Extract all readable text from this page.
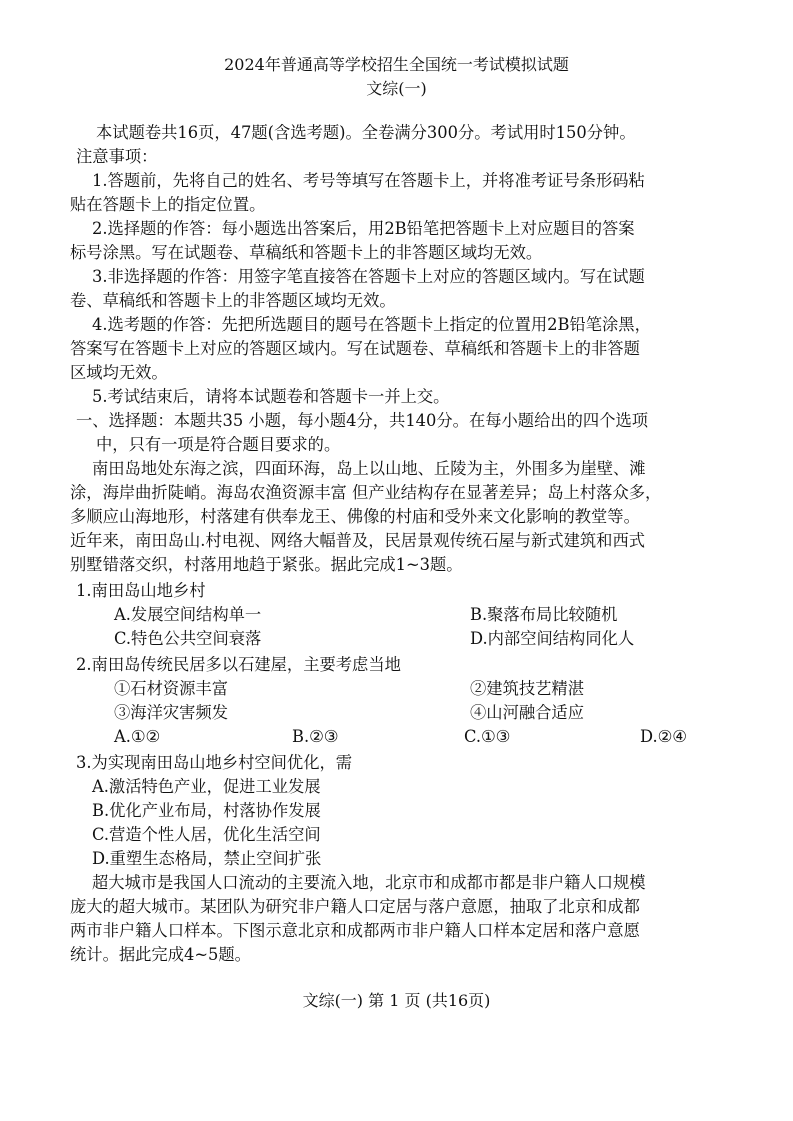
2024年普通高等学校招生全国统一考试模拟试题
文综(一)
本试题卷共16页，47题(含选考题)。全卷满分300分。考试用时150分钟。
注意事项：
1.答题前，先将自己的姓名、考号等填写在答题卡上，并将准考证号条形码粘
贴在答题卡上的指定位置。
2.选择题的作答：每小题选出答案后，用2B铅笔把答题卡上对应题目的答案
标号涂黑。写在试题卷、草稿纸和答题卡上的非答题区域均无效。
3.非选择题的作答：用签字笔直接答在答题卡上对应的答题区域内。写在试题
卷、草稿纸和答题卡上的非答题区域均无效。
4.选考题的作答：先把所选题目的题号在答题卡上指定的位置用2B铅笔涂黑，
答案写在答题卡上对应的答题区域内。写在试题卷、草稿纸和答题卡上的非答题
区域均无效。
5.考试结束后，请将本试题卷和答题卡一并上交。
一、选择题：本题共35 小题，每小题4分，共140分。在每小题给出的四个选项
中，只有一项是符合题目要求的。
南田岛地处东海之滨，四面环海，岛上以山地、丘陵为主，外围多为崖壁、滩
涂，海岸曲折陡峭。海岛农渔资源丰富 但产业结构存在显著差异；岛上村落众多，
多顺应山海地形，村落建有供奉龙王、佛像的村庙和受外来文化影响的教堂等。
近年来，南田岛山.村电视、网络大幅普及，民居景观传统石屋与新式建筑和西式
别墅错落交织，村落用地趋于紧张。据此完成1~3题。
1.南田岛山地乡村
A.发展空间结构单一	B.聚落布局比较随机
C.特色公共空间衰落	D.内部空间结构同化人
2.南田岛传统民居多以石建屋，主要考虑当地
①石材资源丰富	②建筑技艺精湛
③海洋灾害频发	④山河融合适应
A.①②	B.②③	C.①③	D.②④
3.为实现南田岛山地乡村空间优化，需
A.激活特色产业，促进工业发展
B.优化产业布局，村落协作发展
C.营造个性人居，优化生活空间
D.重塑生态格局，禁止空间扩张
超大城市是我国人口流动的主要流入地，北京市和成都市都是非户籍人口规模
庞大的超大城市。某团队为研究非户籍人口定居与落户意愿，抽取了北京和成都
两市非户籍人口样本。下图示意北京和成都两市非户籍人口样本定居和落户意愿
统计。据此完成4~5题。
文综(一) 第 1 页 (共16页)
